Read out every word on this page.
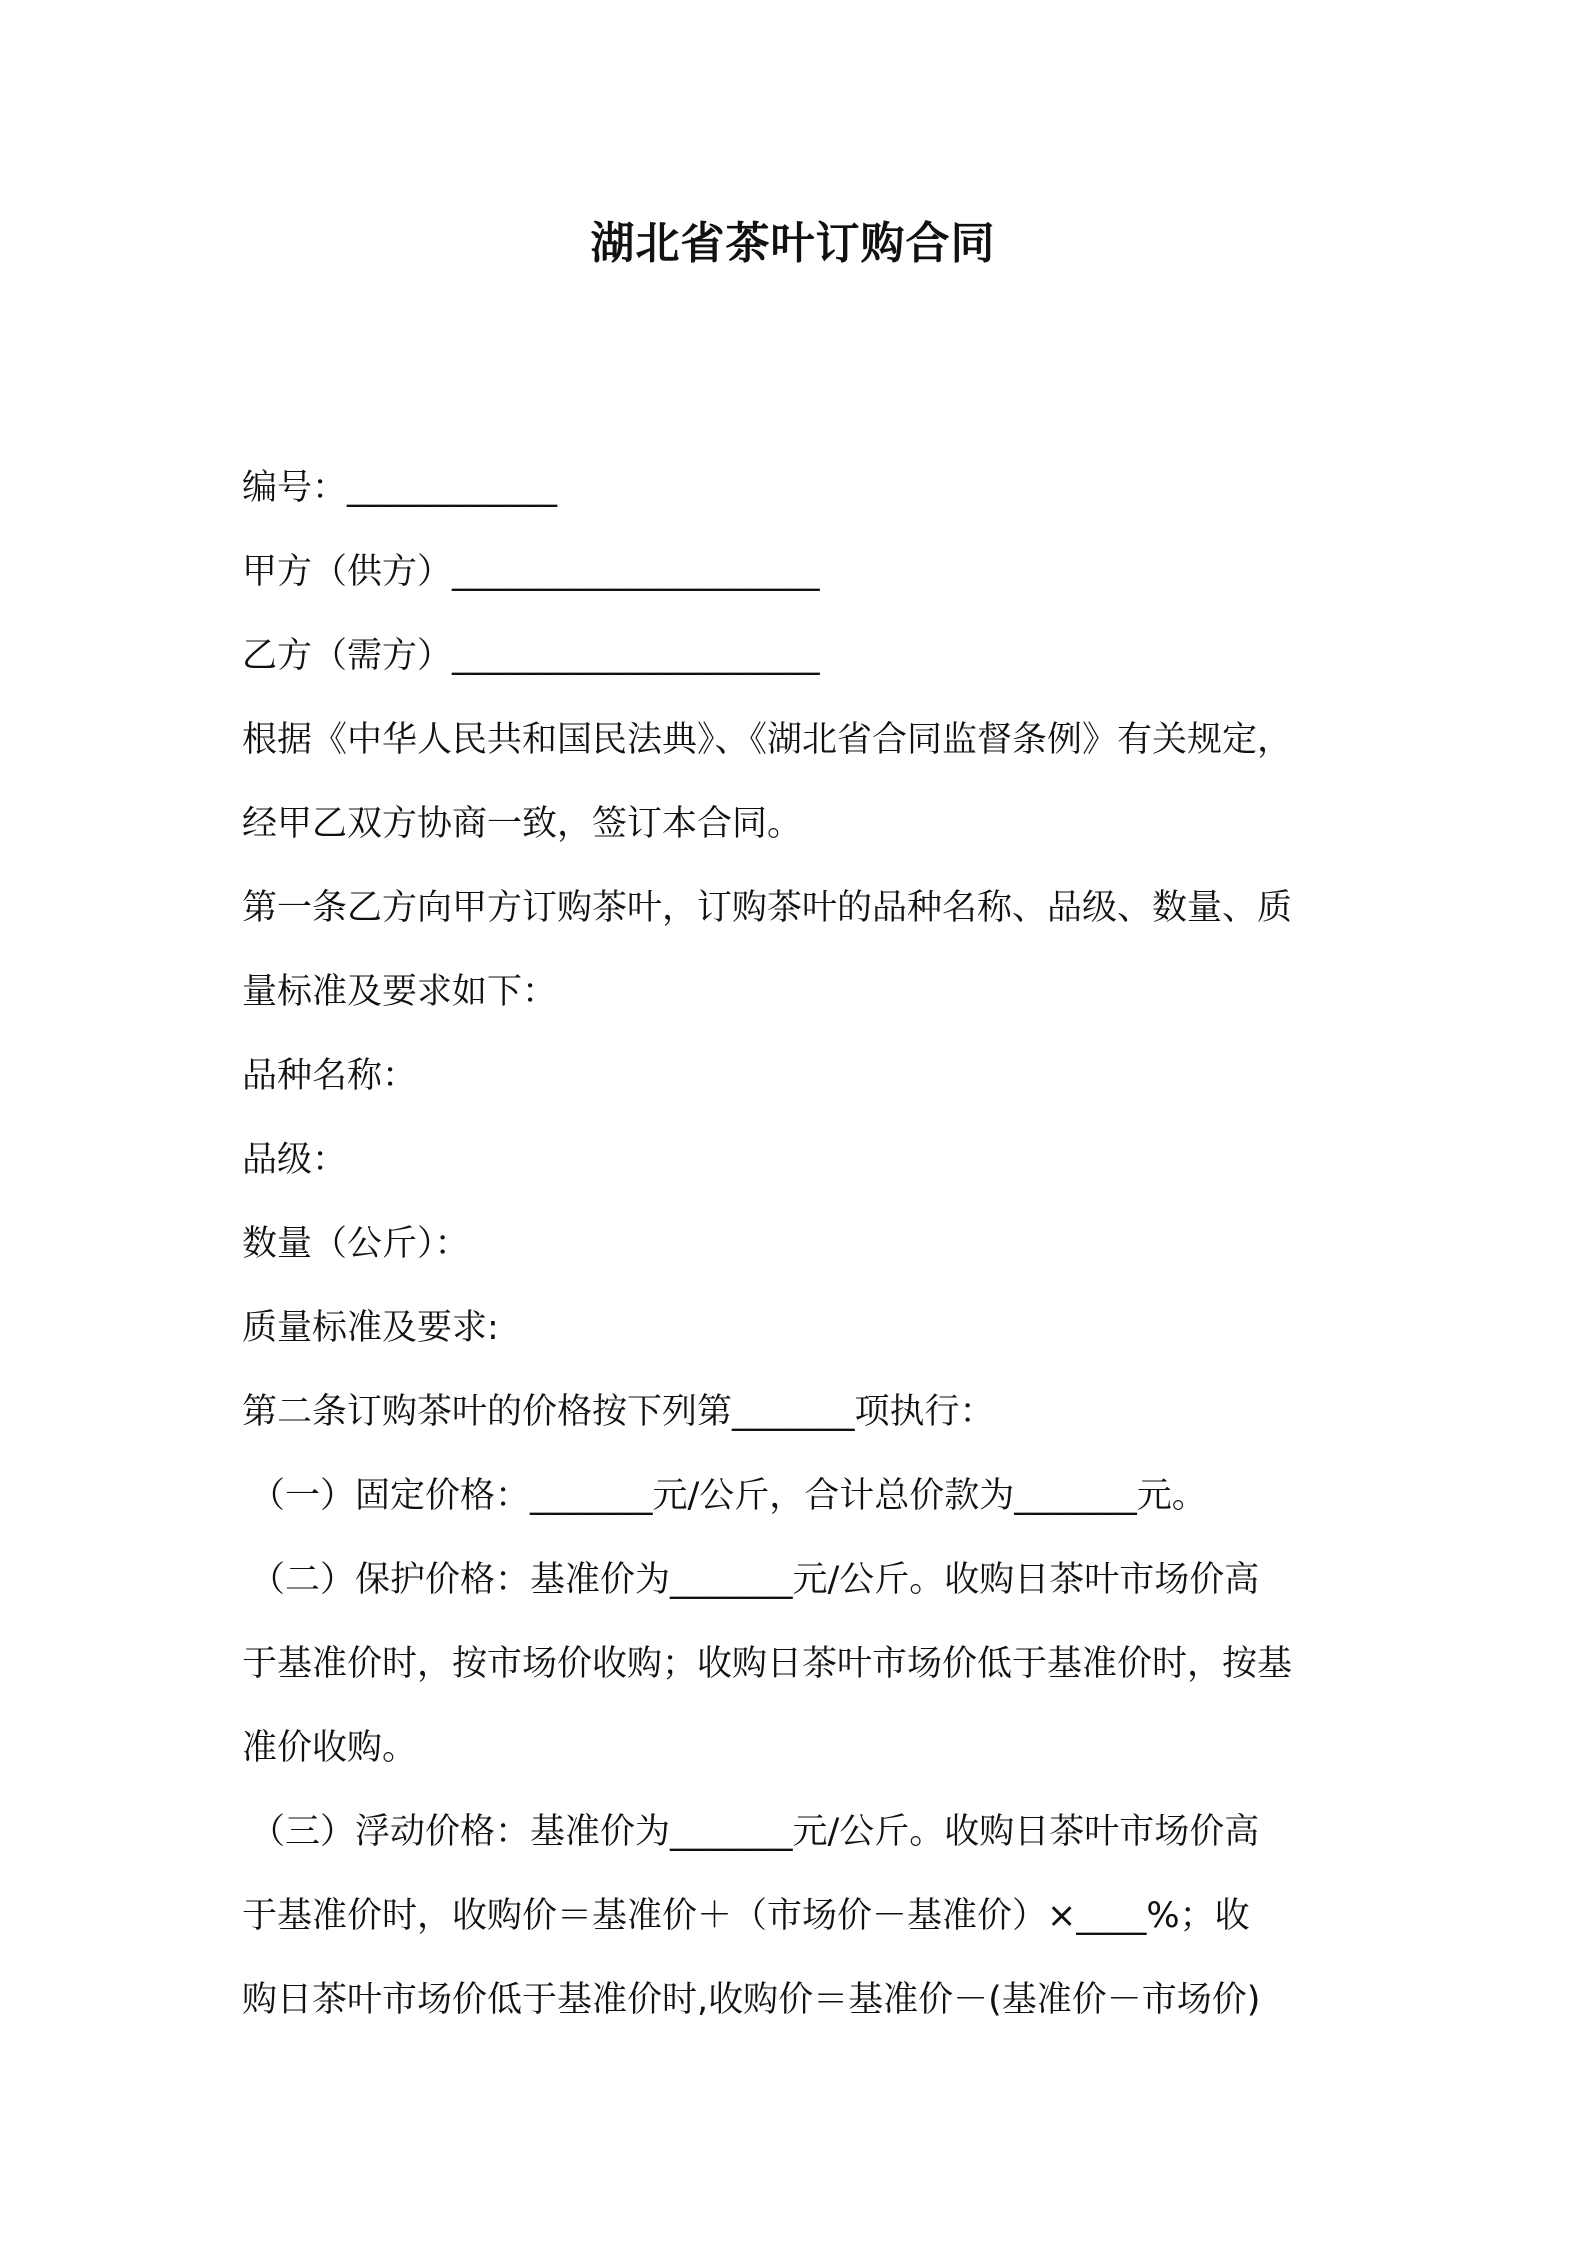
湖北省茶叶订购合同
编号：____________
甲方（供方）_____________________
乙方（需方）_____________________
根据《中华人民共和国民法典》、《湖北省合同监督条例》有关规定，
经甲乙双方协商一致，签订本合同。
第一条乙方向甲方订购茶叶，订购茶叶的品种名称、品级、数量、质
量标准及要求如下：
品种名称：
品级：
数量（公斤）：
质量标准及要求:
第二条订购茶叶的价格按下列第_______项执行：
（一）固定价格：_______元/公斤，合计总价款为_______元。
（二）保护价格：基准价为_______元/公斤。收购日茶叶市场价高
于基准价时，按市场价收购；收购日茶叶市场价低于基准价时，按基
准价收购。
（三）浮动价格：基准价为_______元/公斤。收购日茶叶市场价高
于基准价时，收购价＝基准价＋（市场价－基准价）×____%；收
购日茶叶市场价低于基准价时,收购价＝基准价－(基准价－市场价)
